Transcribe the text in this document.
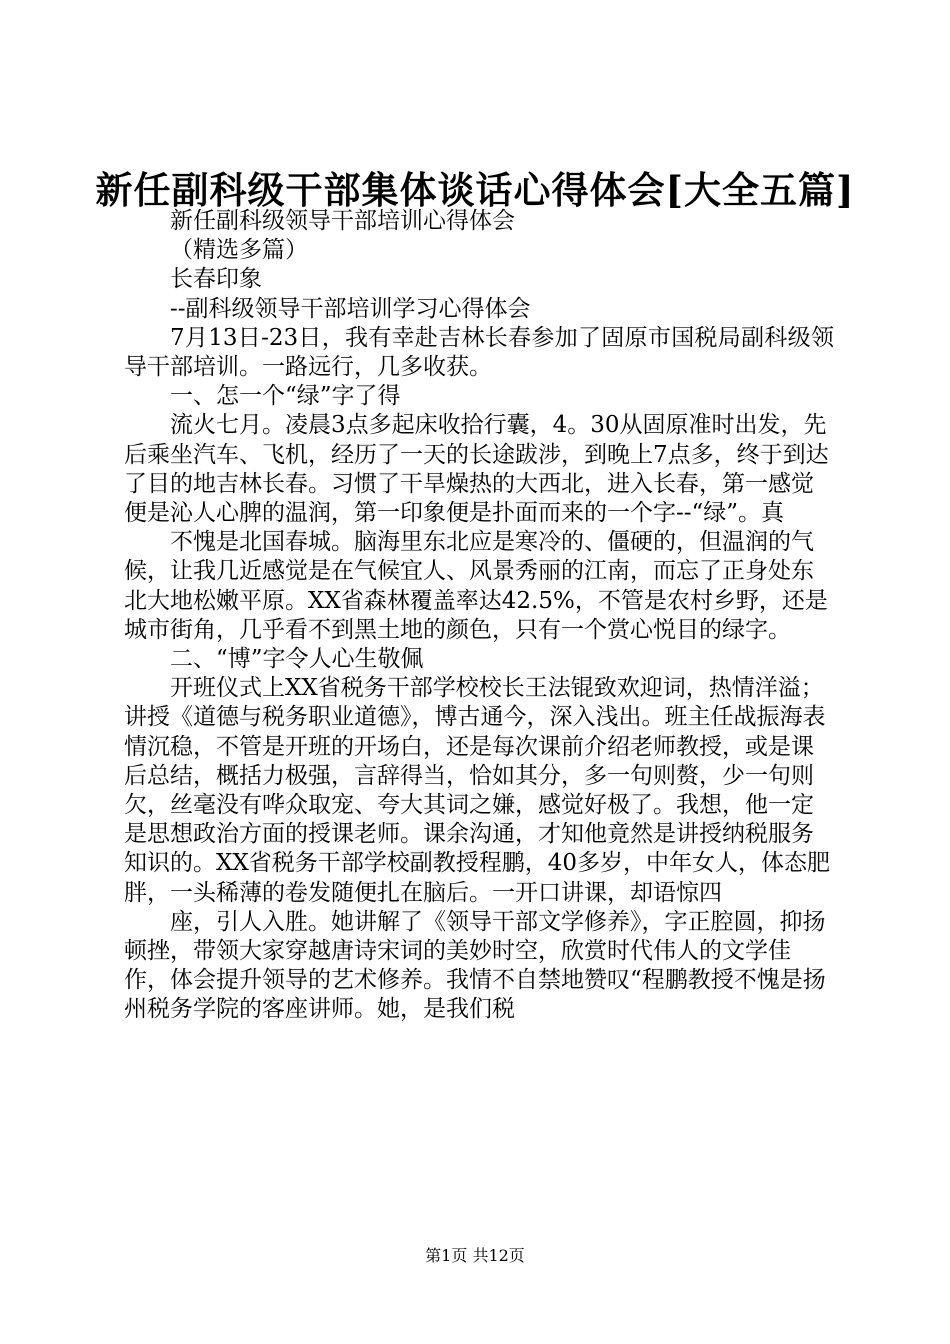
新任副科级干部集体谈话心得体会[大全五篇]

新任副科级领导干部培训心得体会

（精选多篇）

长春印象

--副科级领导干部培训学习心得体会

7月13日-23日，我有幸赴吉林长春参加了固原市国税局副科级领导干部培训。一路远行，几多收获。

一、怎一个“绿”字了得

流火七月。凌晨3点多起床收拾行囊，4。30从固原准时出发，先后乘坐汽车、飞机，经历了一天的长途跋涉，到晚上7点多，终于到达了目的地吉林长春。习惯了干旱燥热的大西北，进入长春，第一感觉便是沁人心脾的温润，第一印象便是扑面而来的一个字--“绿”。真

不愧是北国春城。脑海里东北应是寒冷的、僵硬的，但温润的气候，让我几近感觉是在气候宜人、风景秀丽的江南，而忘了正身处东北大地松嫩平原。XX省森林覆盖率达42.5%，不管是农村乡野，还是城市街角，几乎看不到黑土地的颜色，只有一个赏心悦目的绿字。

二、“博”字令人心生敬佩

开班仪式上XX省税务干部学校校长王法锟致欢迎词，热情洋溢；讲授《道德与税务职业道德》，博古通今，深入浅出。班主任战振海表情沉稳，不管是开班的开场白，还是每次课前介绍老师教授，或是课后总结，概括力极强，言辞得当，恰如其分，多一句则赘，少一句则欠，丝毫没有哗众取宠、夸大其词之嫌，感觉好极了。我想，他一定是思想政治方面的授课老师。课余沟通，才知他竟然是讲授纳税服务知识的。XX省税务干部学校副教授程鹏，40多岁，中年女人，体态肥胖，一头稀薄的卷发随便扎在脑后。一开口讲课，却语惊四

座，引人入胜。她讲解了《领导干部文学修养》，字正腔圆，抑扬顿挫，带领大家穿越唐诗宋词的美妙时空，欣赏时代伟人的文学佳作，体会提升领导的艺术修养。我情不自禁地赞叹“程鹏教授不愧是扬州税务学院的客座讲师。她，是我们税

第1页 共12页
